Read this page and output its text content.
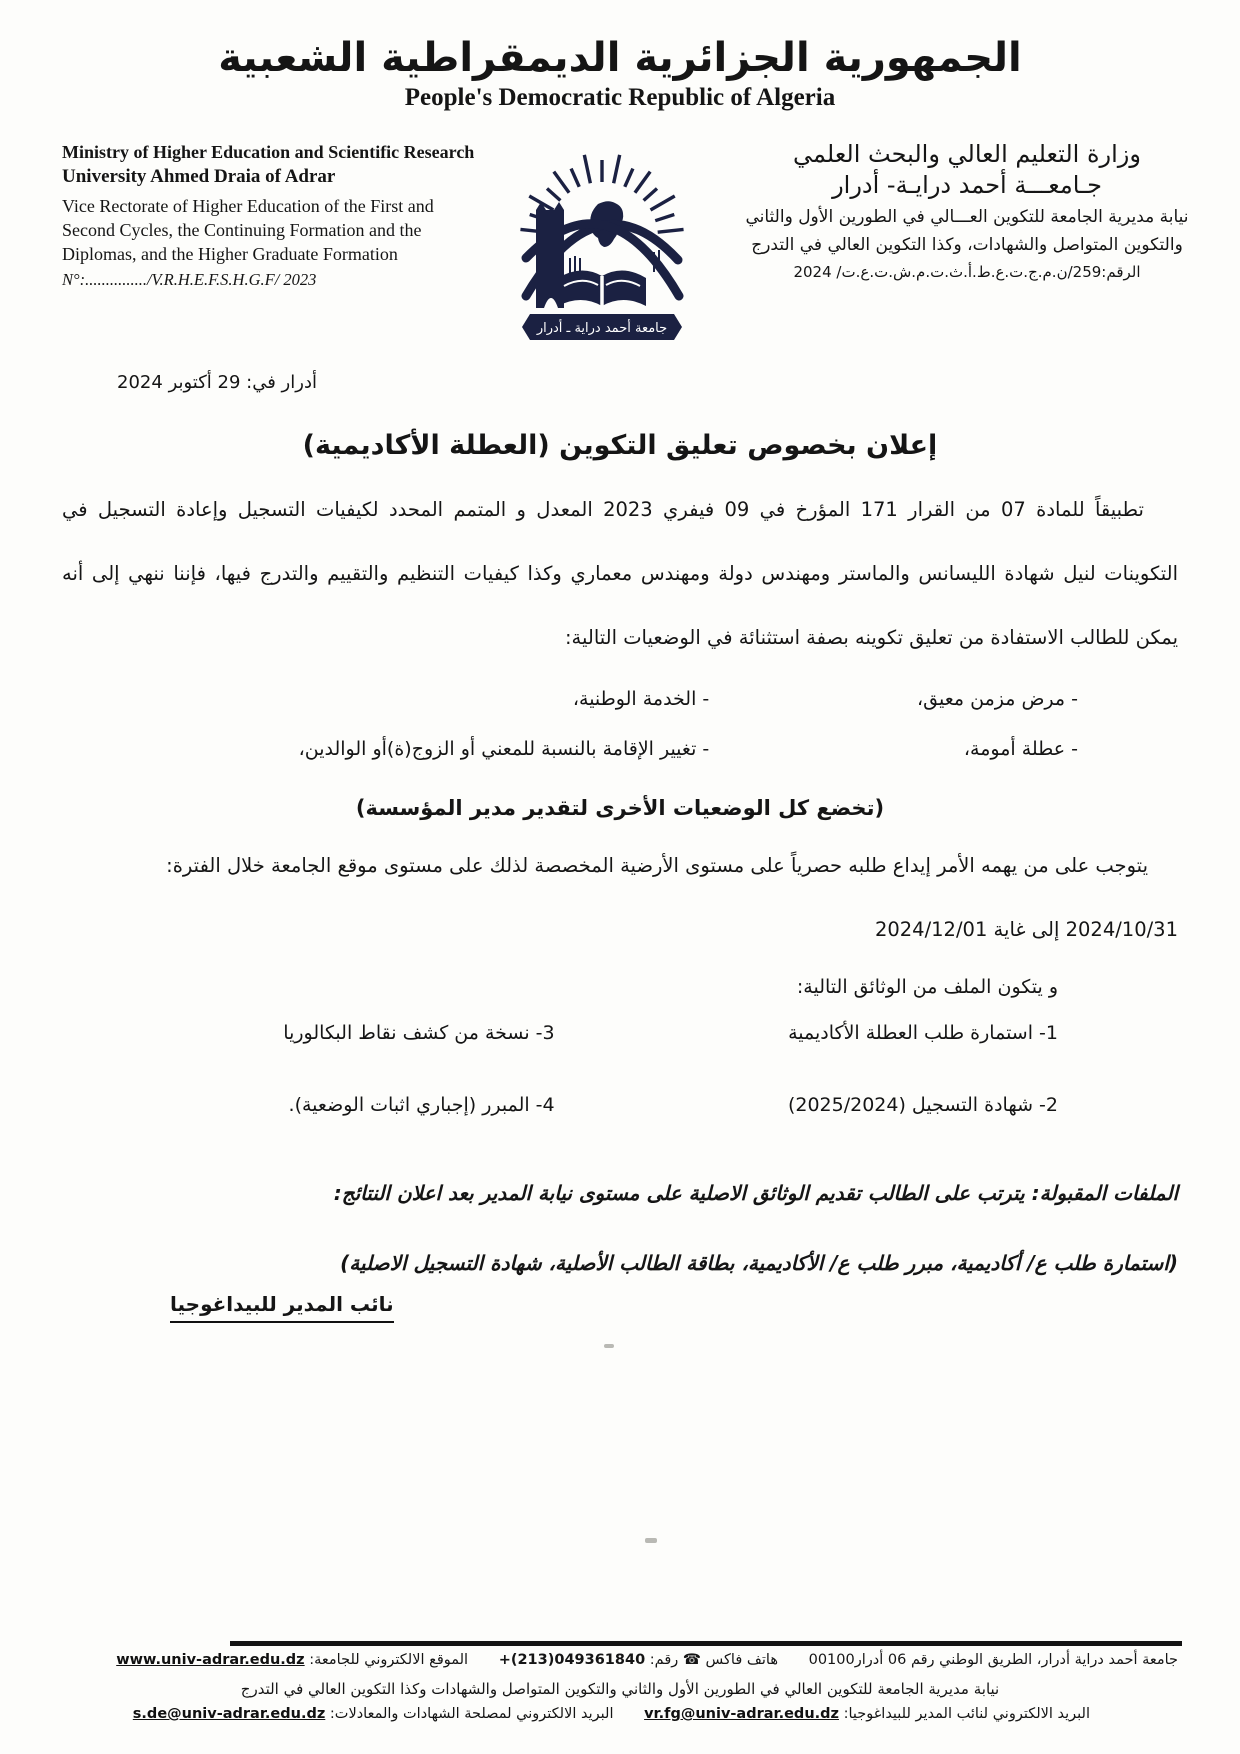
الجمهورية الجزائرية الديمقراطية الشعبية
People's Democratic Republic of Algeria
Ministry of Higher Education and Scientific Research
University Ahmed Draia of Adrar
Vice Rectorate of Higher Education of the First and Second Cycles, the Continuing Formation and the Diplomas, and the Higher Graduate Formation
N°:.............../V.R.H.E.F.S.H.G.F/ 2023
جامعة أحمد دراية ـ أدرار
وزارة التعليم العالي والبحث العلمي
جـامعـــة أحمد درايـة- أدرار
نيابة مديرية الجامعة للتكوين العـــالي في الطورين الأول والثاني
والتكوين المتواصل والشهادات، وكذا التكوين العالي في التدرج
الرقم:259/ن.م.ج.ت.ع.ط.أ.ث.ت.م.ش.ت.ع.ت/ 2024
أدرار في: 29 أكتوبر 2024
إعلان بخصوص تعليق التكوين (العطلة الأكاديمية)
تطبيقاً للمادة 07 من القرار 171 المؤرخ في 09 فيفري 2023 المعدل و المتمم المحدد لكيفيات التسجيل وإعادة التسجيل في التكوينات لنيل شهادة الليسانس والماستر ومهندس دولة ومهندس معماري وكذا كيفيات التنظيم والتقييم والتدرج فيها، فإننا ننهي إلى أنه يمكن للطالب الاستفادة من تعليق تكوينه بصفة استثنائة في الوضعيات التالية:
- مرض مزمن معيق،
- عطلة أمومة،
- الخدمة الوطنية،
- تغيير الإقامة بالنسبة للمعني أو الزوج(ة)أو الوالدين،
(تخضع كل الوضعيات الأخرى لتقدير مدير المؤسسة)
يتوجب على من يهمه الأمر إيداع طلبه حصرياً على مستوى الأرضية المخصصة لذلك على مستوى موقع الجامعة خلال الفترة: 2024/10/31 إلى غاية 2024/12/01
و يتكون الملف من الوثائق التالية:
1- استمارة طلب العطلة الأكاديمية
2- شهادة التسجيل (2025/2024)
3- نسخة من كشف نقاط البكالوريا
4- المبرر (إجباري اثبات الوضعية).
الملفات المقبولة: يترتب على الطالب تقديم الوثائق الاصلية على مستوى نيابة المدير بعد اعلان النتائج:
(استمارة طلب ع/ أكاديمية، مبرر طلب ع/ الأكاديمية، بطاقة الطالب الأصلية، شهادة التسجيل الاصلية)
نائب المدير للبيداغوجيا
جامعة أحمد دراية أدرار، الطريق الوطني رقم 06 أدرار00100 هاتف فاكس ☎ رقم: +(213)049361840 الموقع الالكتروني للجامعة: www.univ-adrar.edu.dz
نيابة مديرية الجامعة للتكوين العالي في الطورين الأول والثاني والتكوين المتواصل والشهادات وكذا التكوين العالي في التدرج
البريد الالكتروني لنائب المدير للبيداغوجيا: vr.fg@univ-adrar.edu.dz البريد الالكتروني لمصلحة الشهادات والمعادلات: s.de@univ-adrar.edu.dz
